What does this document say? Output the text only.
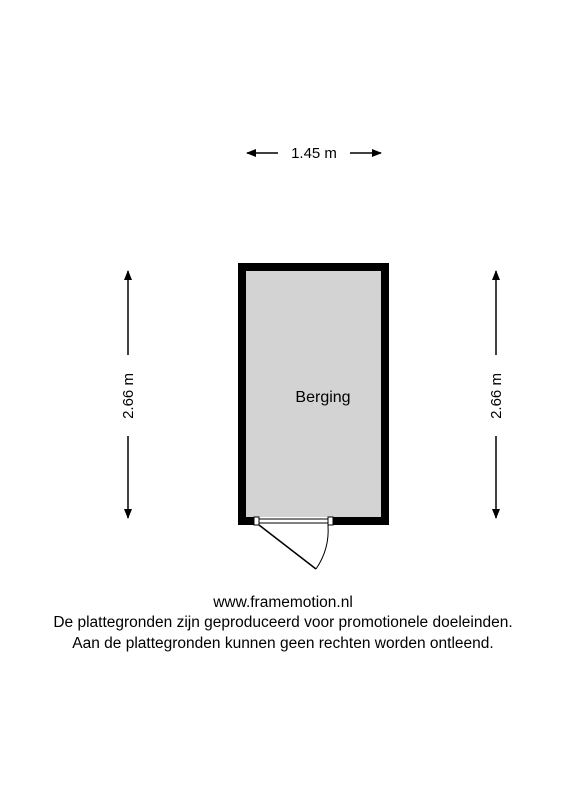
1.45 m
2.66 m	2.66 m
Berging
www.framemotion.nl
De plattegronden zijn geproduceerd voor promotionele doeleinden.
Aan de plattegronden kunnen geen rechten worden ontleend.
